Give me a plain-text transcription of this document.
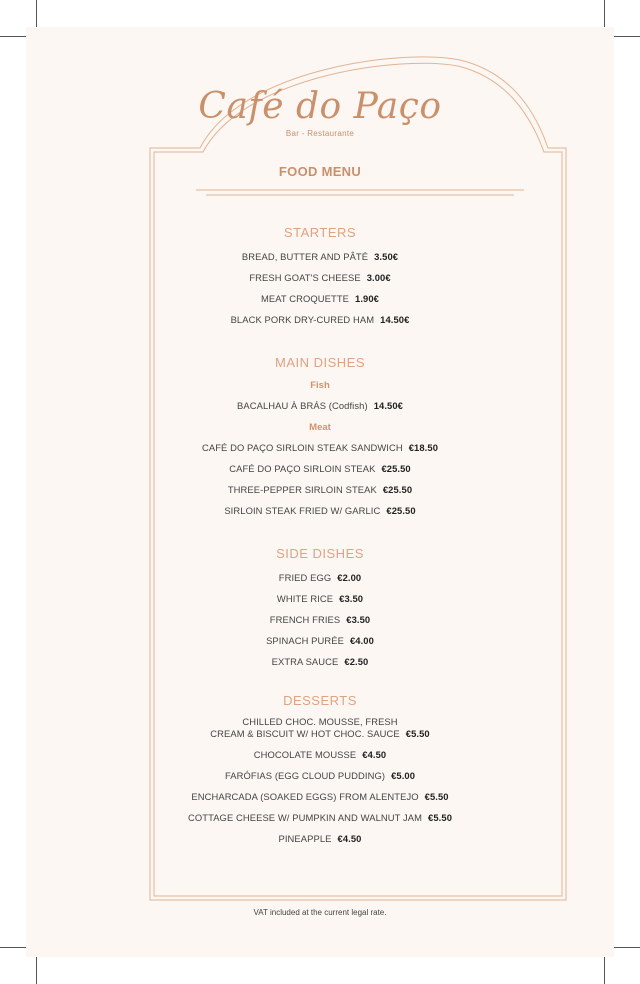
Café do Paço
Bar - Restaurante
FOOD MENU
STARTERS
BREAD, BUTTER AND PÂTÉ 3.50€
FRESH GOAT'S CHEESE 3.00€
MEAT CROQUETTE 1.90€
BLACK PORK DRY-CURED HAM 14.50€
MAIN DISHES
Fish
BACALHAU À BRÁS (Codfish) 14.50€
Meat
CAFÉ DO PAÇO SIRLOIN STEAK SANDWICH €18.50
CAFÉ DO PAÇO SIRLOIN STEAK €25.50
THREE-PEPPER SIRLOIN STEAK €25.50
SIRLOIN STEAK FRIED W/ GARLIC €25.50
SIDE DISHES
FRIED EGG €2.00
WHITE RICE €3.50
FRENCH FRIES €3.50
SPINACH PURÉE €4.00
EXTRA SAUCE €2.50
DESSERTS
CHILLED CHOC. MOUSSE, FRESH
CREAM & BISCUIT W/ HOT CHOC. SAUCE €5.50
CHOCOLATE MOUSSE €4.50
FARÓFIAS (EGG CLOUD PUDDING) €5.00
ENCHARCADA (SOAKED EGGS) FROM ALENTEJO €5.50
COTTAGE CHEESE W/ PUMPKIN AND WALNUT JAM €5.50
PINEAPPLE €4.50
VAT included at the current legal rate.
